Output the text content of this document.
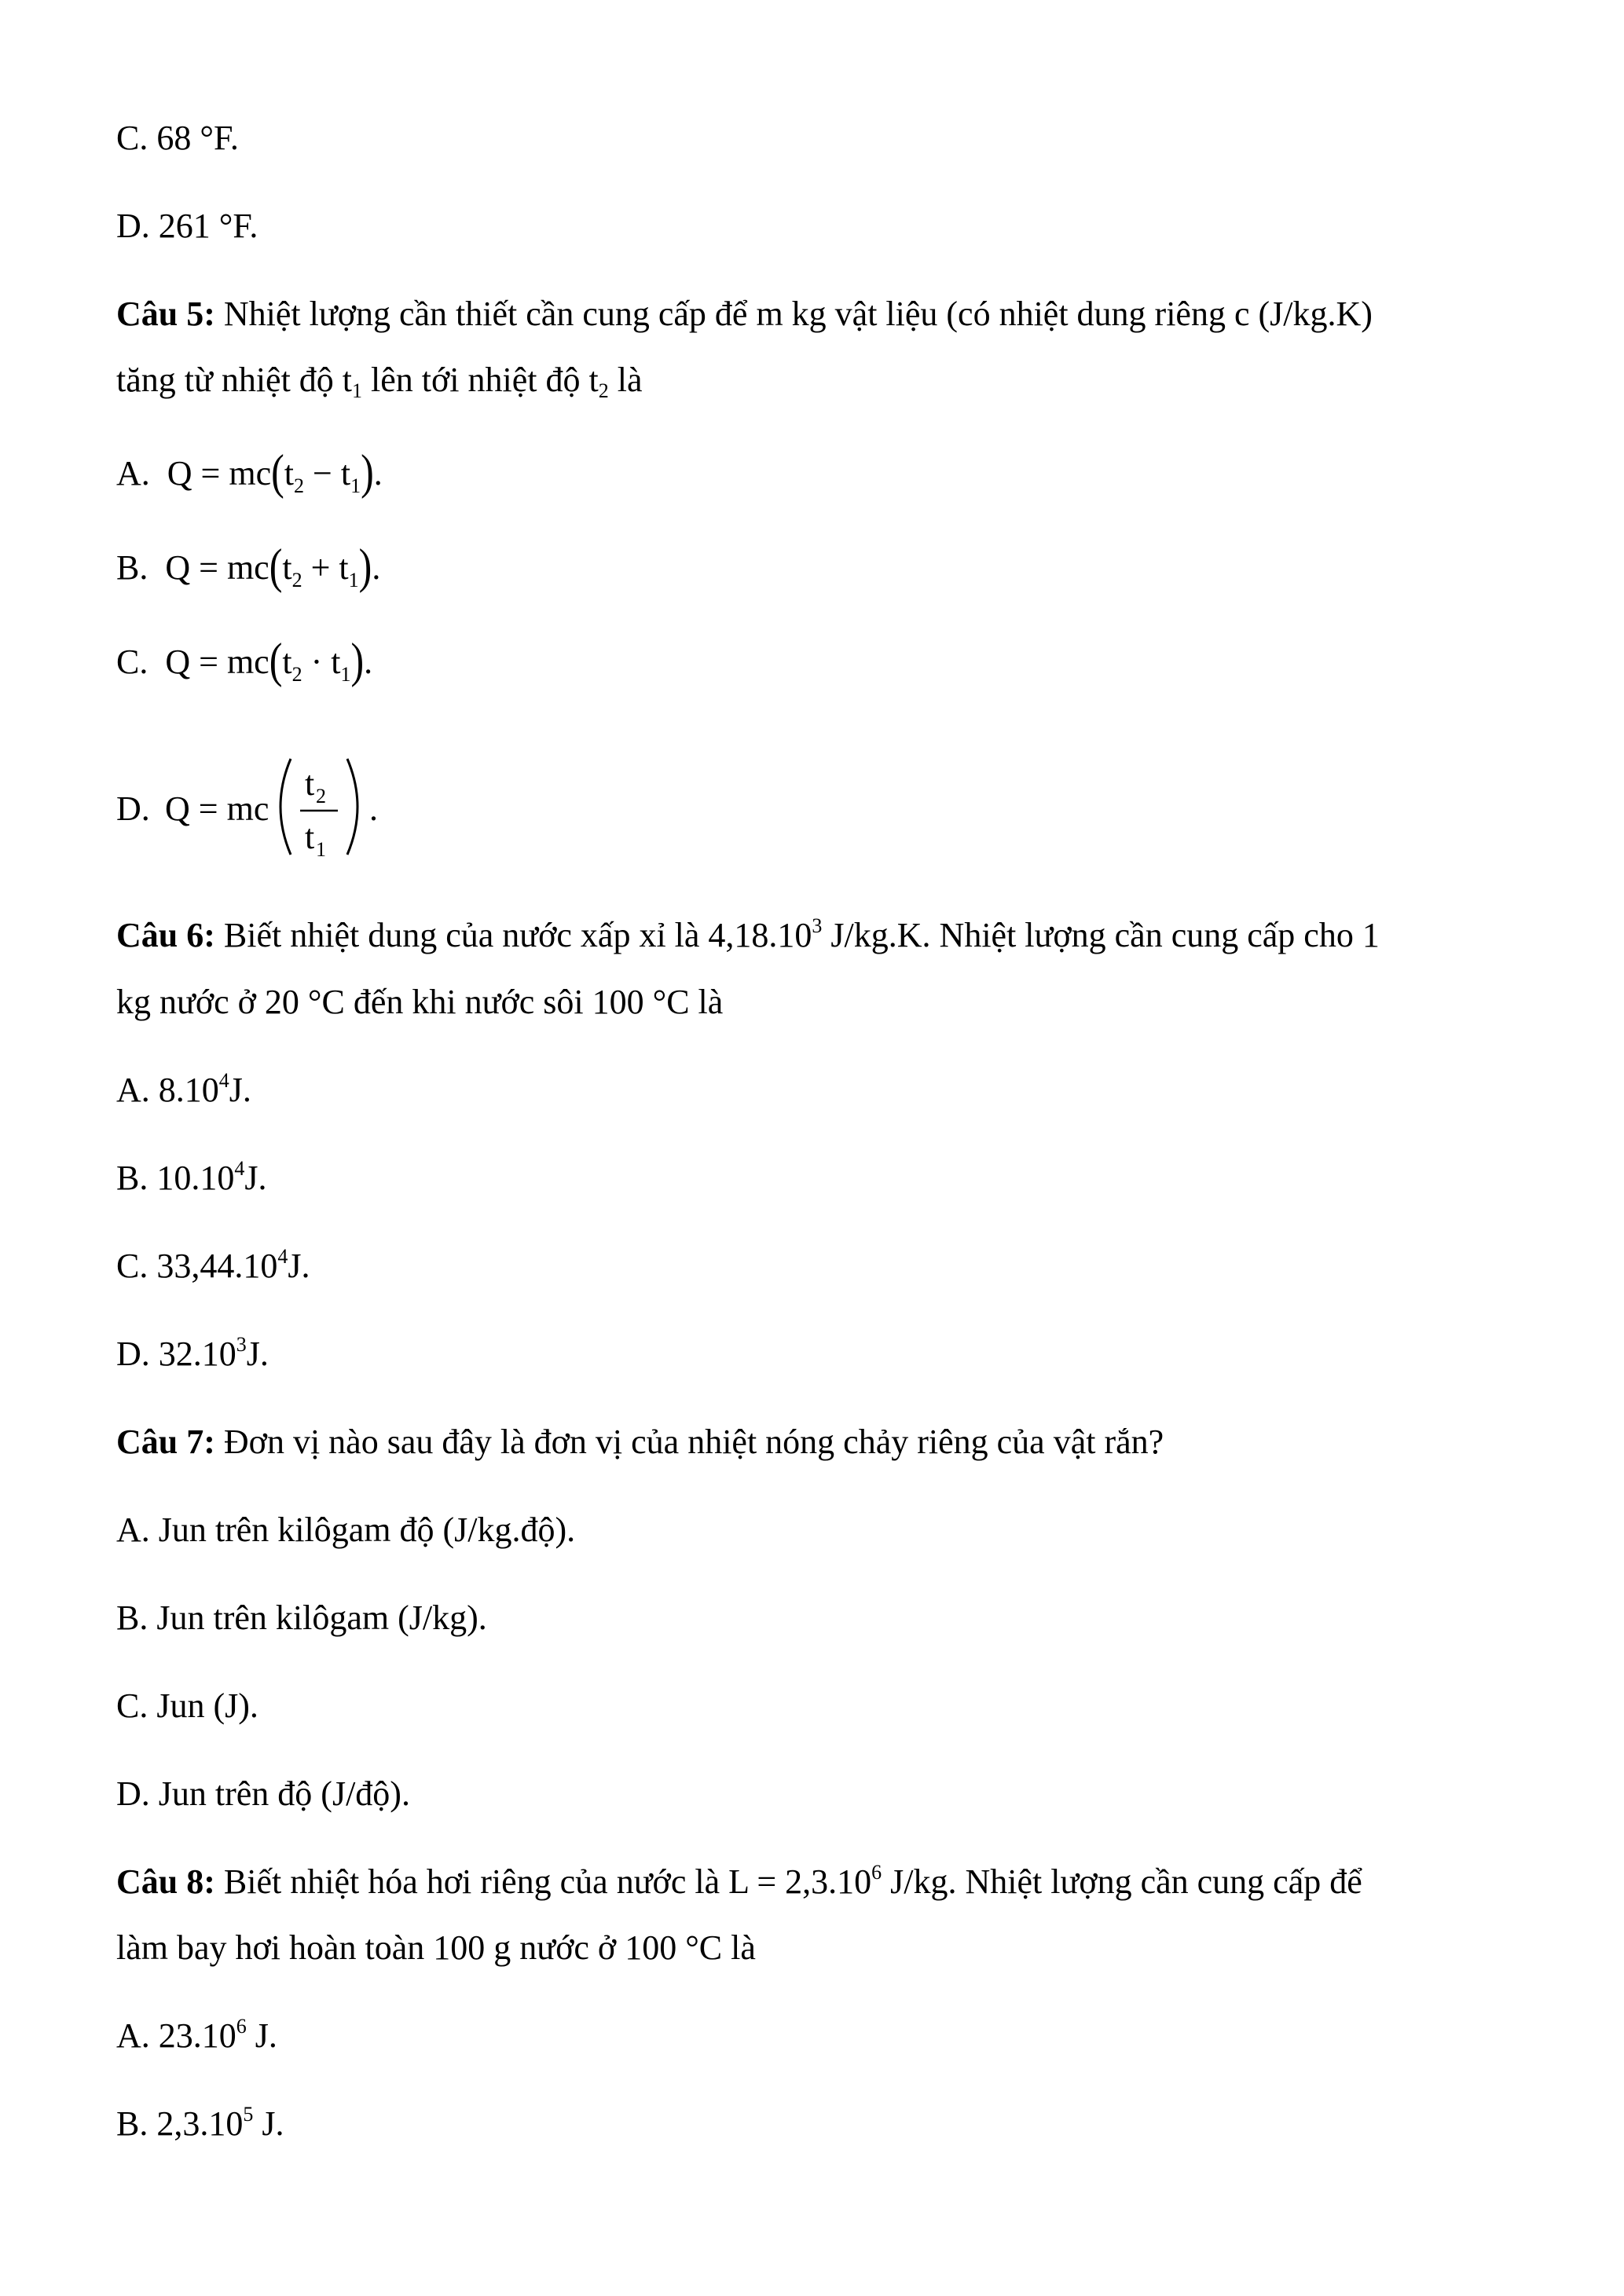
C. 68 °F.
D. 261 °F.
Câu 5: Nhiệt lượng cần thiết cần cung cấp để m kg vật liệu (có nhiệt dung riêng c (J/kg.K)
tăng từ nhiệt độ $t_1$ lên tới nhiệt độ $t_2$ là
A. $Q = mc(t_2 - t_1)$.
B. $Q = mc(t_2 + t_1)$.
C. $Q = mc(t_2 \cdot t_1)$.
D. Q = mc
t 2
t 1
.
Câu 6: Biết nhiệt dung của nước xấp xỉ là 4,18.10$^3$ J/kg.K. Nhiệt lượng cần cung cấp cho 1
kg nước ở 20 °C đến khi nước sôi 100 °C là
A. 8.10$^4$J.
B. 10.10$^4$J.
C. 33,44.10$^4$J.
D. 32.10$^3$J.
Câu 7: Đơn vị nào sau đây là đơn vị của nhiệt nóng chảy riêng của vật rắn?
A. Jun trên kilôgam độ (J/kg.độ).
B. Jun trên kilôgam (J/kg).
C. Jun (J).
D. Jun trên độ (J/độ).
Câu 8: Biết nhiệt hóa hơi riêng của nước là $L = 2,3.10^6$ J/kg. Nhiệt lượng cần cung cấp để
làm bay hơi hoàn toàn 100 g nước ở 100 °C là
A. 23.10$^6$ J.
B. 2,3.10$^5$ J.
